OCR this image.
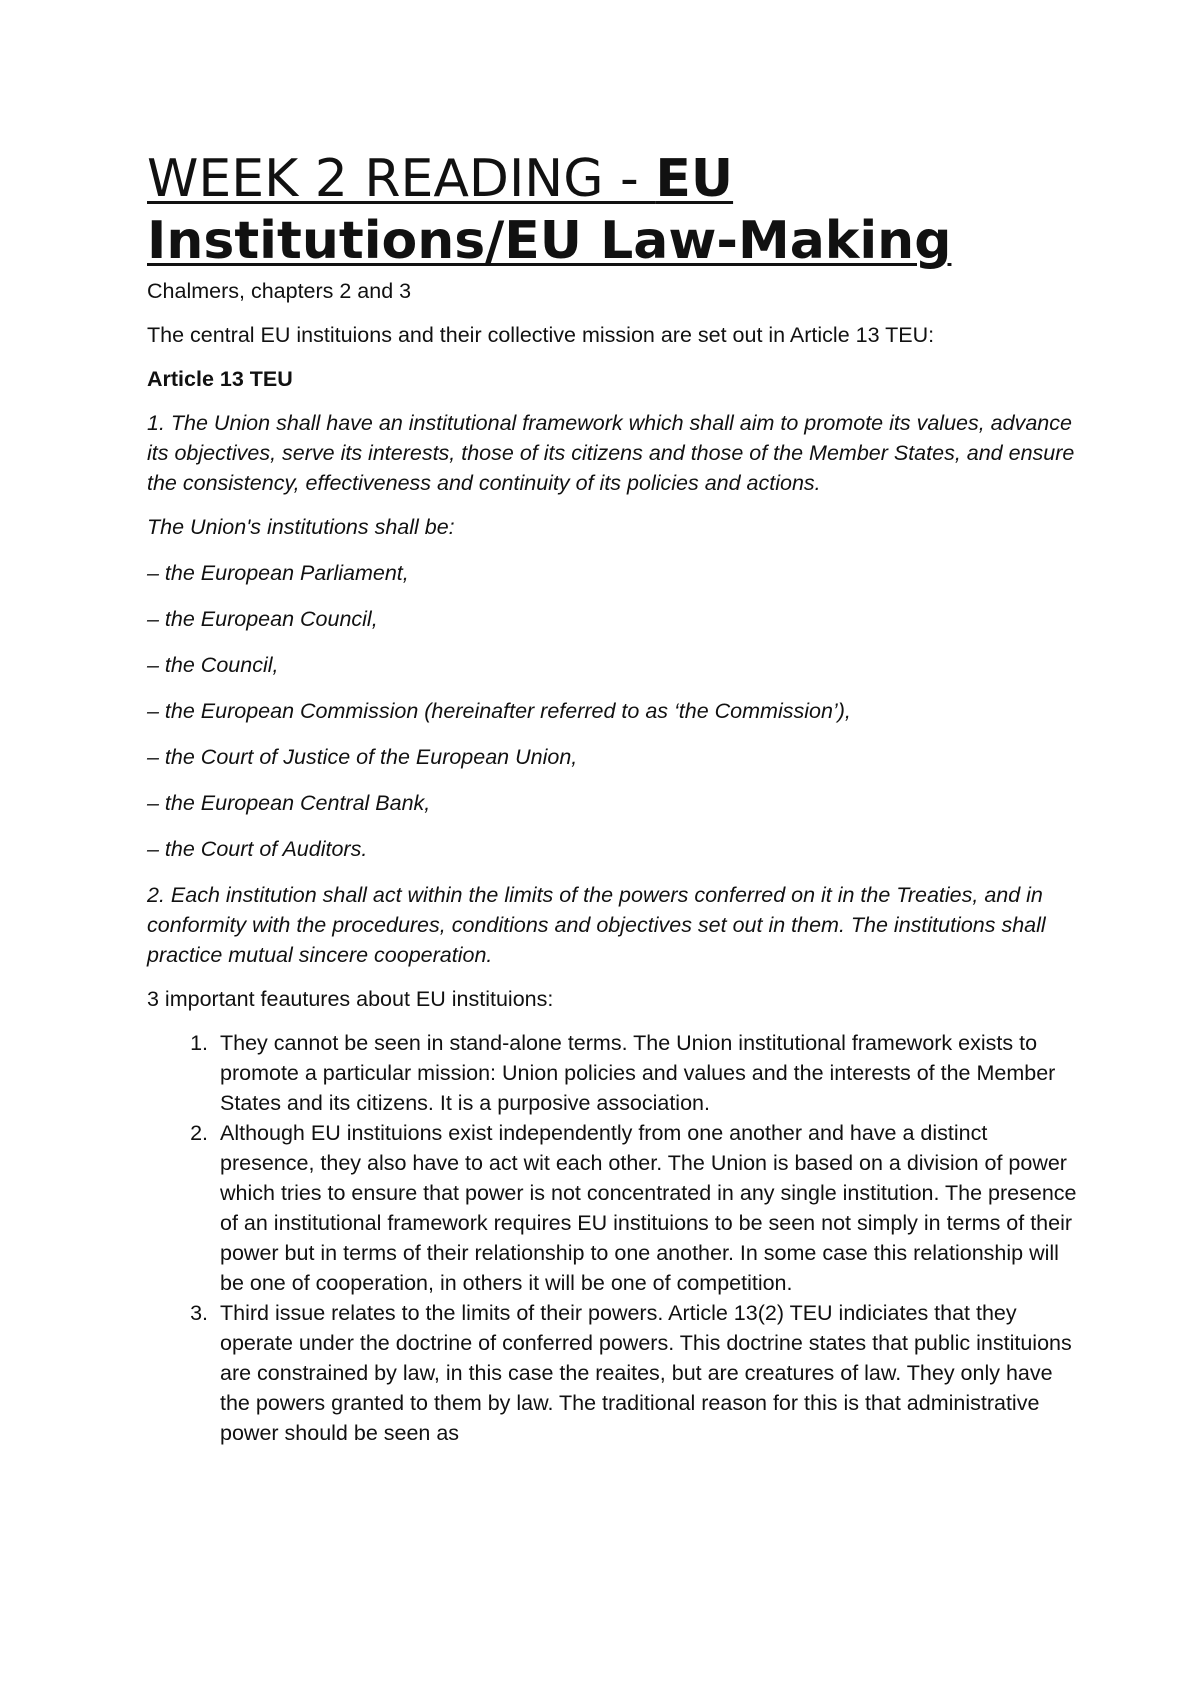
WEEK 2 READING - EU Institutions/EU Law-Making

Chalmers, chapters 2 and 3

The central EU instituions and their collective mission are set out in Article 13 TEU:

Article 13 TEU

1. The Union shall have an institutional framework which shall aim to promote its values, advance its objectives, serve its interests, those of its citizens and those of the Member States, and ensure the consistency, effectiveness and continuity of its policies and actions.

The Union's institutions shall be:

– the European Parliament,

– the European Council,

– the Council,

– the European Commission (hereinafter referred to as ‘the Commission’),

– the Court of Justice of the European Union,

– the European Central Bank,

– the Court of Auditors.

2. Each institution shall act within the limits of the powers conferred on it in the Treaties, and in conformity with the procedures, conditions and objectives set out in them. The institutions shall practice mutual sincere cooperation.

3 important feautures about EU instituions:

1. They cannot be seen in stand-alone terms. The Union institutional framework exists to promote a particular mission: Union policies and values and the interests of the Member States and its citizens. It is a purposive association.
2. Although EU instituions exist independently from one another and have a distinct presence, they also have to act wit each other. The Union is based on a division of power which tries to ensure that power is not concentrated in any single institution. The presence of an institutional framework requires EU instituions to be seen not simply in terms of their power but in terms of their relationship to one another. In some case this relationship will be one of cooperation, in others it will be one of competition.
3. Third issue relates to the limits of their powers. Article 13(2) TEU indiciates that they operate under the doctrine of conferred powers. This doctrine states that public instituions are constrained by law, in this case the reaites, but are creatures of law. They only have the powers granted to them by law. The traditional reason for this is that administrative power should be seen as
